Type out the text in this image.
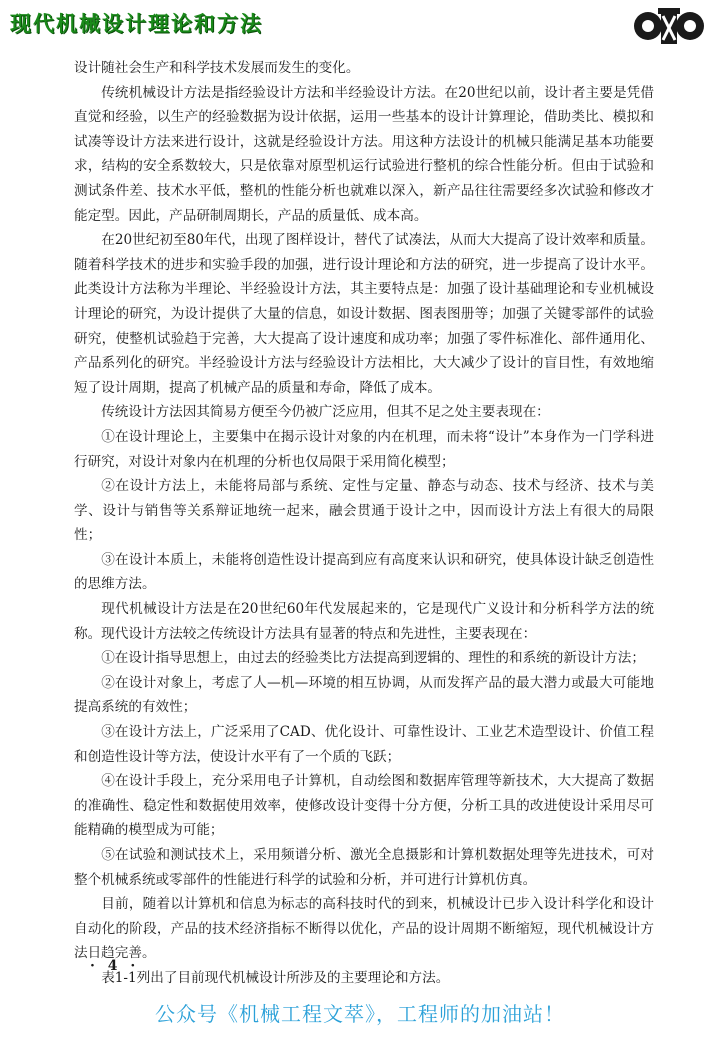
现代机械设计理论和方法

设计随社会生产和科学技术发展而发生的变化。

传统机械设计方法是指经验设计方法和半经验设计方法。在20世纪以前，设计者主要是凭借直觉和经验，以生产的经验数据为设计依据，运用一些基本的设计计算理论，借助类比、模拟和试凑等设计方法来进行设计，这就是经验设计方法。用这种方法设计的机械只能满足基本功能要求，结构的安全系数较大，只是依靠对原型机运行试验进行整机的综合性能分析。但由于试验和测试条件差、技术水平低，整机的性能分析也就难以深入，新产品往往需要经多次试验和修改才能定型。因此，产品研制周期长，产品的质量低、成本高。

在20世纪初至80年代，出现了图样设计，替代了试凑法，从而大大提高了设计效率和质量。随着科学技术的进步和实验手段的加强，进行设计理论和方法的研究，进一步提高了设计水平。此类设计方法称为半理论、半经验设计方法，其主要特点是：加强了设计基础理论和专业机械设计理论的研究，为设计提供了大量的信息，如设计数据、图表图册等；加强了关键零部件的试验研究，使整机试验趋于完善，大大提高了设计速度和成功率；加强了零件标准化、部件通用化、产品系列化的研究。半经验设计方法与经验设计方法相比，大大减少了设计的盲目性，有效地缩短了设计周期，提高了机械产品的质量和寿命，降低了成本。

传统设计方法因其简易方便至今仍被广泛应用，但其不足之处主要表现在：

①在设计理论上，主要集中在揭示设计对象的内在机理，而未将“设计”本身作为一门学科进行研究，对设计对象内在机理的分析也仅局限于采用简化模型；

②在设计方法上，未能将局部与系统、定性与定量、静态与动态、技术与经济、技术与美学、设计与销售等关系辩证地统一起来，融会贯通于设计之中，因而设计方法上有很大的局限性；

③在设计本质上，未能将创造性设计提高到应有高度来认识和研究，使具体设计缺乏创造性的思维方法。

现代机械设计方法是在20世纪60年代发展起来的，它是现代广义设计和分析科学方法的统称。现代设计方法较之传统设计方法具有显著的特点和先进性，主要表现在：

①在设计指导思想上，由过去的经验类比方法提高到逻辑的、理性的和系统的新设计方法；

②在设计对象上，考虑了人—机—环境的相互协调，从而发挥产品的最大潜力或最大可能地提高系统的有效性；

③在设计方法上，广泛采用了CAD、优化设计、可靠性设计、工业艺术造型设计、价值工程和创造性设计等方法，使设计水平有了一个质的飞跃；

④在设计手段上，充分采用电子计算机，自动绘图和数据库管理等新技术，大大提高了数据的准确性、稳定性和数据使用效率，使修改设计变得十分方便，分析工具的改进使设计采用尽可能精确的模型成为可能；

⑤在试验和测试技术上，采用频谱分析、激光全息摄影和计算机数据处理等先进技术，可对整个机械系统或零部件的性能进行科学的试验和分析，并可进行计算机仿真。

目前，随着以计算机和信息为标志的高科技时代的到来，机械设计已步入设计科学化和设计自动化的阶段，产品的技术经济指标不断得以优化，产品的设计周期不断缩短，现代机械设计方法日趋完善。

表1-1列出了目前现代机械设计所涉及的主要理论和方法。

· 4 ·
公众号《机械工程文萃》，工程师的加油站！
